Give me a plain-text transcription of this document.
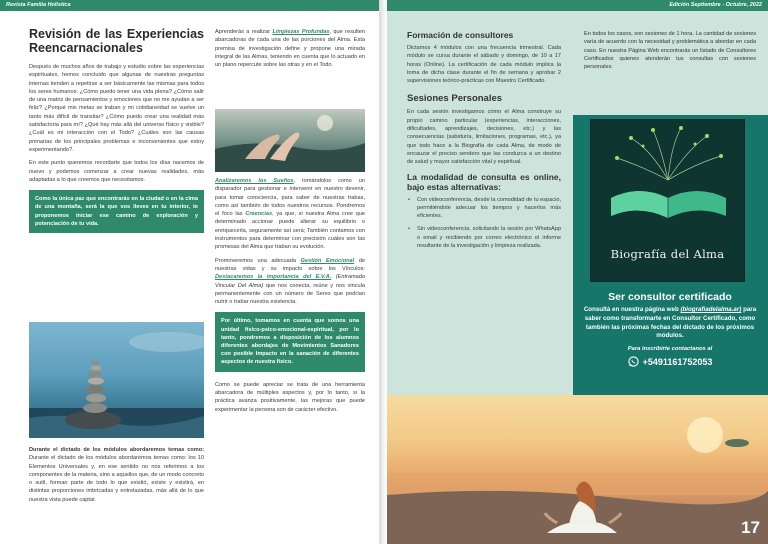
Revista Familia Holística
Revisión de las Experiencias Reencarnacionales

Después de muchos años de trabajo y estudio sobre las experiencias espirituales, hemos concluido que algunas de nuestras preguntas internas tienden a repetirse a ser básicamente las mismas para todos los seres humanos: ¿Cómo puedo tener una vida plena? ¿Cómo salir de una matriz de pensamientos y emociones que no me ayudan a ser feliz? ¿Porqué mis metas se traban y mi cotidianeidad se vuelve un tanto más difícil de transitar? ¿Cómo puedo crear una realidad más satisfactoria para mí? ¿Qué hay más allá del universo físico y visible? ¿Cuál es mi interacción con el Todo? ¿Cuáles son las causas primarias de los principales problemas e inconvenientes que estoy experimentando?.

En este punto queremos recordarte que todos los días nacemos de nuevo y podemos comenzar a crear nuevas realidades, más adaptadas a lo que creemos que necesitamos.

Como la única paz que encontrarás en la ciudad o en la cima de una montaña, será la que vos lleves en tu interior, te proponemos iniciar ese camino de exploración y potenciación de tu vida.

Durante el dictado de los módulos abordaremos temas como: Durante el dictado de los módulos abordaremos temas como: los 10 Elementos Universales y, en ese sentido no nos referimos a los componentes de la materia, sino a aquellos que, de un modo concreto o sutil, forman parte de todo lo que existió, existe y existirá, en distintas proporciones imbricadas y entrelazadas, más allá de lo que nuestra vista puede captar.

Aprenderás a realizar Limpiezas Profundas, que resulten abarcadoras de cada una de las porciones del Alma. Esta premisa de investigación define y propone una mirada integral de las Almas, teniendo en cuenta que lo actuado en un plano repercute sobre las otras y en el Todo.

Analizaremos los Sueños, tomándolos como un disparador para gestionar e intervenir en nuestro devenir, para tomar consciencia, para saber de nuestras trabas, como así también de todos nuestros recursos. Pondremos el foco las Creencias, ya que, si nuestra Alma cree que determinado accionar puede alterar su equilibrio o enriquecerla, seguramente así será; También contamos con instrumentos para determinar con precisión cuáles son las promesas del Alma que traban su evolución.

Promoveremos una adecuada Gestión Emocional de nuestras vidas y su impacto sobre los Vínculos: Destacaremos la importancia del E.V.A. (Entramado Vincular Del Alma) que nos conecta, reúne y nos vincula permanentemente con un número de Seres que podrían nutrir o trabar nuestra existencia.

Por último, tomamos en cuenta que somos una unidad físico-psico-emocional-espiritual, por lo tanto, pondremos a disposición de los alumnos diferentes abordajes de Movimientos Sanadores con posible Impacto en la sanación de diferentes aspectos de nuestra físico.

Como se puede apreciar se trata de una herramienta abarcadora de múltiples aspectos y, por lo tanto, si la práctica avanza positivamente, las mejoras que puede experimentar la persona son de carácter efectivo.

Edición Septiembre - Octubre, 2022
Formación de consultores

Dictamos 4 módulos con una frecuencia trimestral. Cada módulo se cursa durante el sábado y domingo, de 10 a 17 horas (Online). La certificación de cada módulo implica la toma de dicha clase durante el fin de semana y aprobar 2 supervisiones teórico-prácticas con Maestro Certificado.

Sesiones Personales

En cada sesión investigamos cómo el Alma construye su propio camino particular (experiencias, interacciones, dificultades, aprendizajes, decisiones, etc.) y las consecuencias (sabiduría, limitaciones, programas, etc.), ya que todo hace a la Biografía de cada Alma, de modo de encauzar el preciso sendero que las conduzca a un destino de salud y mayor satisfacción vital y espiritual.

La modalidad de consulta es online, bajo estas alternativas:
• Con videoconferencia, desde la comodidad de tu espacio, permitiéndote adecuar los tiempos y hacerlos más eficientes.
• Sin videoconferencia, solicitando la sesión por WhatsApp o email y recibiendo por correo electrónico el informe resultante de la investigación y limpieza realizada.

En todos los casos, son sesiones de 1 hora. La cantidad de sesiones varía de acuerdo con la necesidad y problemática a abordar en cada caso. En nuestra Página Web encontrarás un listado de Consultores Certificados quienes atenderán tus consultas con sesiones personales.

Biografía del Alma
Ser consultor certificado
Consultá en nuestra página web (biografiadelalma.ar) para saber como transformarte en Consultor Certificado, como también las próximas fechas del dictado de los próximos módulos.
Para inscribirte contactanos al
+5491161752053
17
